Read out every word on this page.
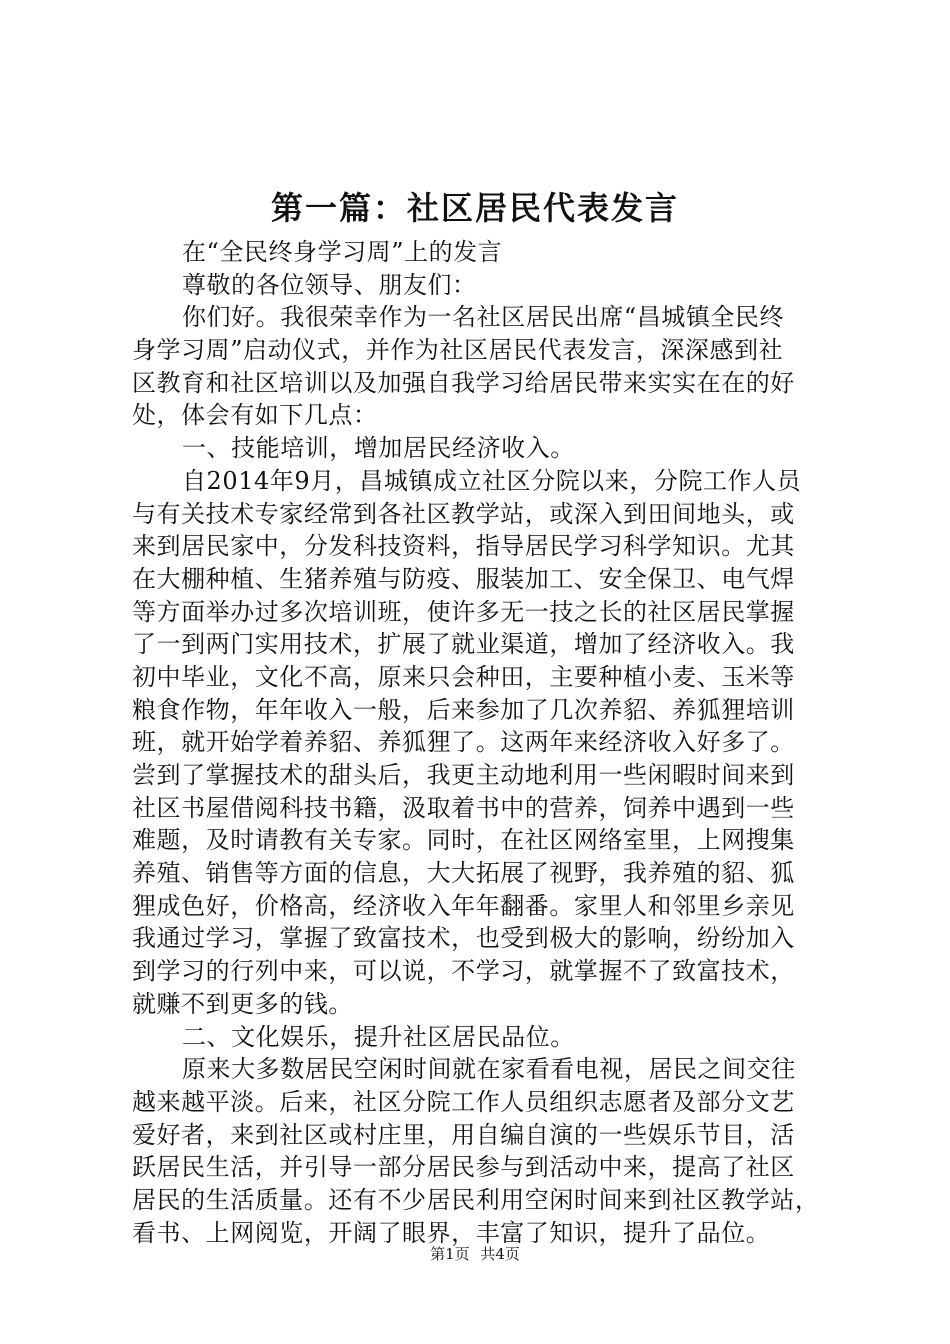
第一篇：社区居民代表发言

在“全民终身学习周”上的发言

尊敬的各位领导、朋友们：

你们好。我很荣幸作为一名社区居民出席“昌城镇全民终

身学习周”启动仪式，并作为社区居民代表发言，深深感到社

区教育和社区培训以及加强自我学习给居民带来实实在在的好

处，体会有如下几点：

一、技能培训，增加居民经济收入。

自2014年9月，昌城镇成立社区分院以来，分院工作人员

与有关技术专家经常到各社区教学站，或深入到田间地头，或

来到居民家中，分发科技资料，指导居民学习科学知识。尤其

在大棚种植、生猪养殖与防疫、服装加工、安全保卫、电气焊

等方面举办过多次培训班，使许多无一技之长的社区居民掌握

了一到两门实用技术，扩展了就业渠道，增加了经济收入。我

初中毕业，文化不高，原来只会种田，主要种植小麦、玉米等

粮食作物，年年收入一般，后来参加了几次养貂、养狐狸培训

班，就开始学着养貂、养狐狸了。这两年来经济收入好多了。

尝到了掌握技术的甜头后，我更主动地利用一些闲暇时间来到

社区书屋借阅科技书籍，汲取着书中的营养，饲养中遇到一些

难题，及时请教有关专家。同时，在社区网络室里，上网搜集

养殖、销售等方面的信息，大大拓展了视野，我养殖的貂、狐

狸成色好，价格高，经济收入年年翻番。家里人和邻里乡亲见

我通过学习，掌握了致富技术，也受到极大的影响，纷纷加入

到学习的行列中来，可以说，不学习，就掌握不了致富技术，

就赚不到更多的钱。

二、文化娱乐，提升社区居民品位。

原来大多数居民空闲时间就在家看看电视，居民之间交往

越来越平淡。后来，社区分院工作人员组织志愿者及部分文艺

爱好者，来到社区或村庄里，用自编自演的一些娱乐节目，活

跃居民生活，并引导一部分居民参与到活动中来，提高了社区

居民的生活质量。还有不少居民利用空闲时间来到社区教学站，

看书、上网阅览，开阔了眼界，丰富了知识，提升了品位。

第1页 共4页
